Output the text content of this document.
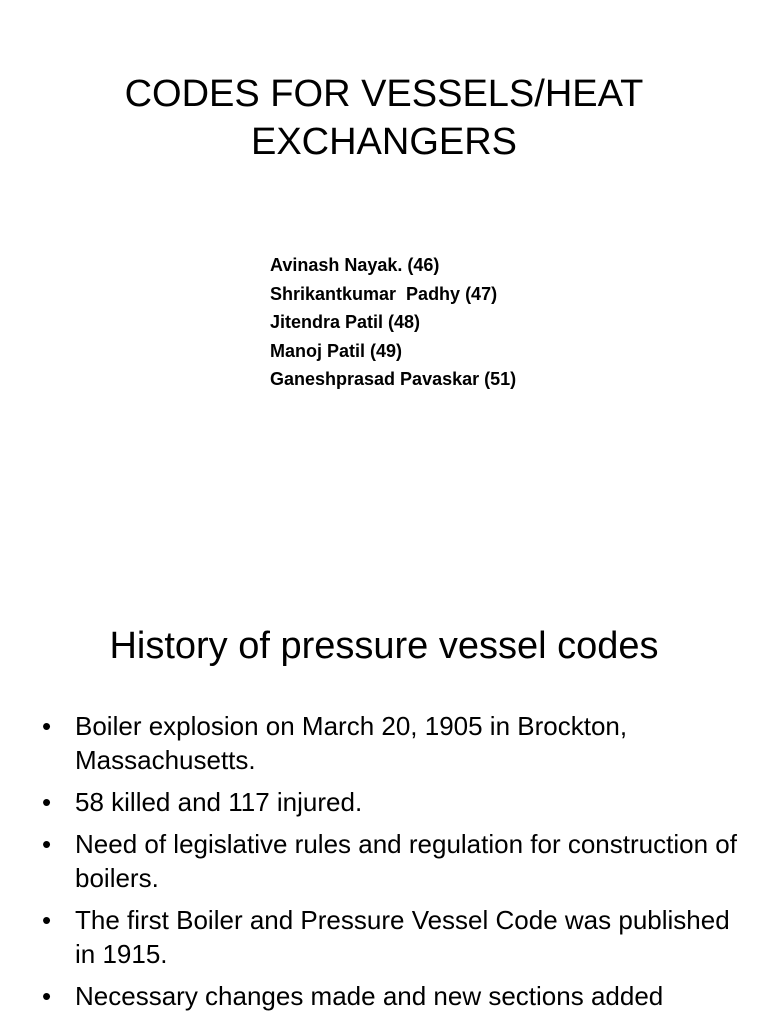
CODES FOR VESSELS/HEAT
EXCHANGERS
Avinash Nayak. (46)
Shrikantkumar  Padhy (47)
Jitendra Patil (48)
Manoj Patil (49)
Ganeshprasad Pavaskar (51)
History of pressure vessel codes
• Boiler explosion on March 20, 1905 in Brockton, Massachusetts.
• 58 killed and 117 injured.
• Need of legislative rules and regulation for construction of boilers.
• The first Boiler and Pressure Vessel Code was published in 1915.
• Necessary changes made and new sections added
